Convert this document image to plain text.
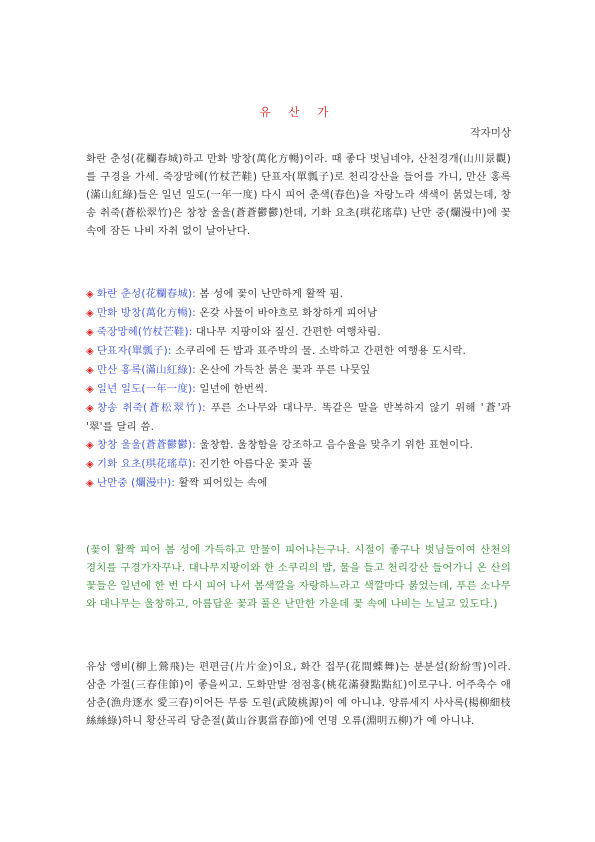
유 산 가
작자미상

화란 춘성(花欄春城)하고 만화 방창(萬化方暢)이라. 때 좋다 벗님네야, 산천경개(山川景觀)를 구경을 가세. 죽장망혜(竹杖芒鞋) 단표자(單瓢子)로 천리강산을 들어를 가니, 만산 홍록(滿山紅綠)들은 일년 일도(一年一度) 다시 피어 춘색(春色)을 자랑노라 색색이 붉었는데, 창송 취죽(蒼松翠竹)은 창창 울울(蒼蒼鬱鬱)한데, 기화 요초(琪花瑤草) 난만 중(爛漫中)에 꽃 속에 잠든 나비 자취 없이 날아난다.

◈ 화란 춘성(花欄春城): 봄 성에 꽃이 난만하게 활짝 핌.
◈ 만화 방창(萬化方暢): 온갖 사물이 바야흐로 화창하게 피어남
◈ 죽장망혜(竹杖芒鞋): 대나무 지팡이와 짚신. 간편한 여행차림.
◈ 단표자(單瓢子): 소쿠리에 든 밥과 표주박의 물. 소박하고 간편한 여행용 도시락.
◈ 만산 홍록(滿山紅綠): 온산에 가득찬 붉은 꽃과 푸른 나뭇잎
◈ 일년 일도(一年一度): 일년에 한번씩.
◈ 창송 취죽(蒼松翠竹): 푸른 소나무와 대나무. 똑같은 말을 반복하지 않기 위해 '蒼'과 '翠'를 달리 씀.
◈ 창창 울울(蒼蒼鬱鬱): 울창함. 울창함을 강조하고 음수율을 맞추기 위한 표현이다.
◈ 기화 요초(琪花瑤草): 진기한 아름다운 꽃과 풀
◈ 난만중 (爛漫中): 활짝 피어있는 속에

(꽃이 활짝 피어 봄 성에 가득하고 만물이 피어나는구나. 시절이 좋구나 벗님들이여 산천의 경치를 구경가자꾸나. 대나무지팡이와 한 소쿠리의 밥, 물을 들고 천리강산 들어가니 온 산의 꽃들은 일년에 한 번 다시 피어 나서 봄색깔을 자랑하느라고 색깔마다 붉었는데, 푸른 소나무와 대나무는 울창하고, 아름답운 꽃과 풀은 난만한 가운데 꽃 속에 나비는 노닐고 있도다.)

유상 앵비(柳上鶯飛)는 편편금(片片金)이요, 화간 접무(花間蝶舞)는 분분설(紛紛雪)이라. 삼춘 가절(三春佳節)이 좋을씨고. 도화만발 점점홍(桃花滿發點點紅)이로구나. 어주축수 애삼춘(漁舟逐水 愛三春)이어든 무릉 도원(武陵桃源)이 예 아니냐. 양류세지 사사록(楊柳細枝絲絲綠)하니 황산곡리 당춘절(黃山谷裏當春節)에 연명 오류(淵明五柳)가 예 아니냐.
